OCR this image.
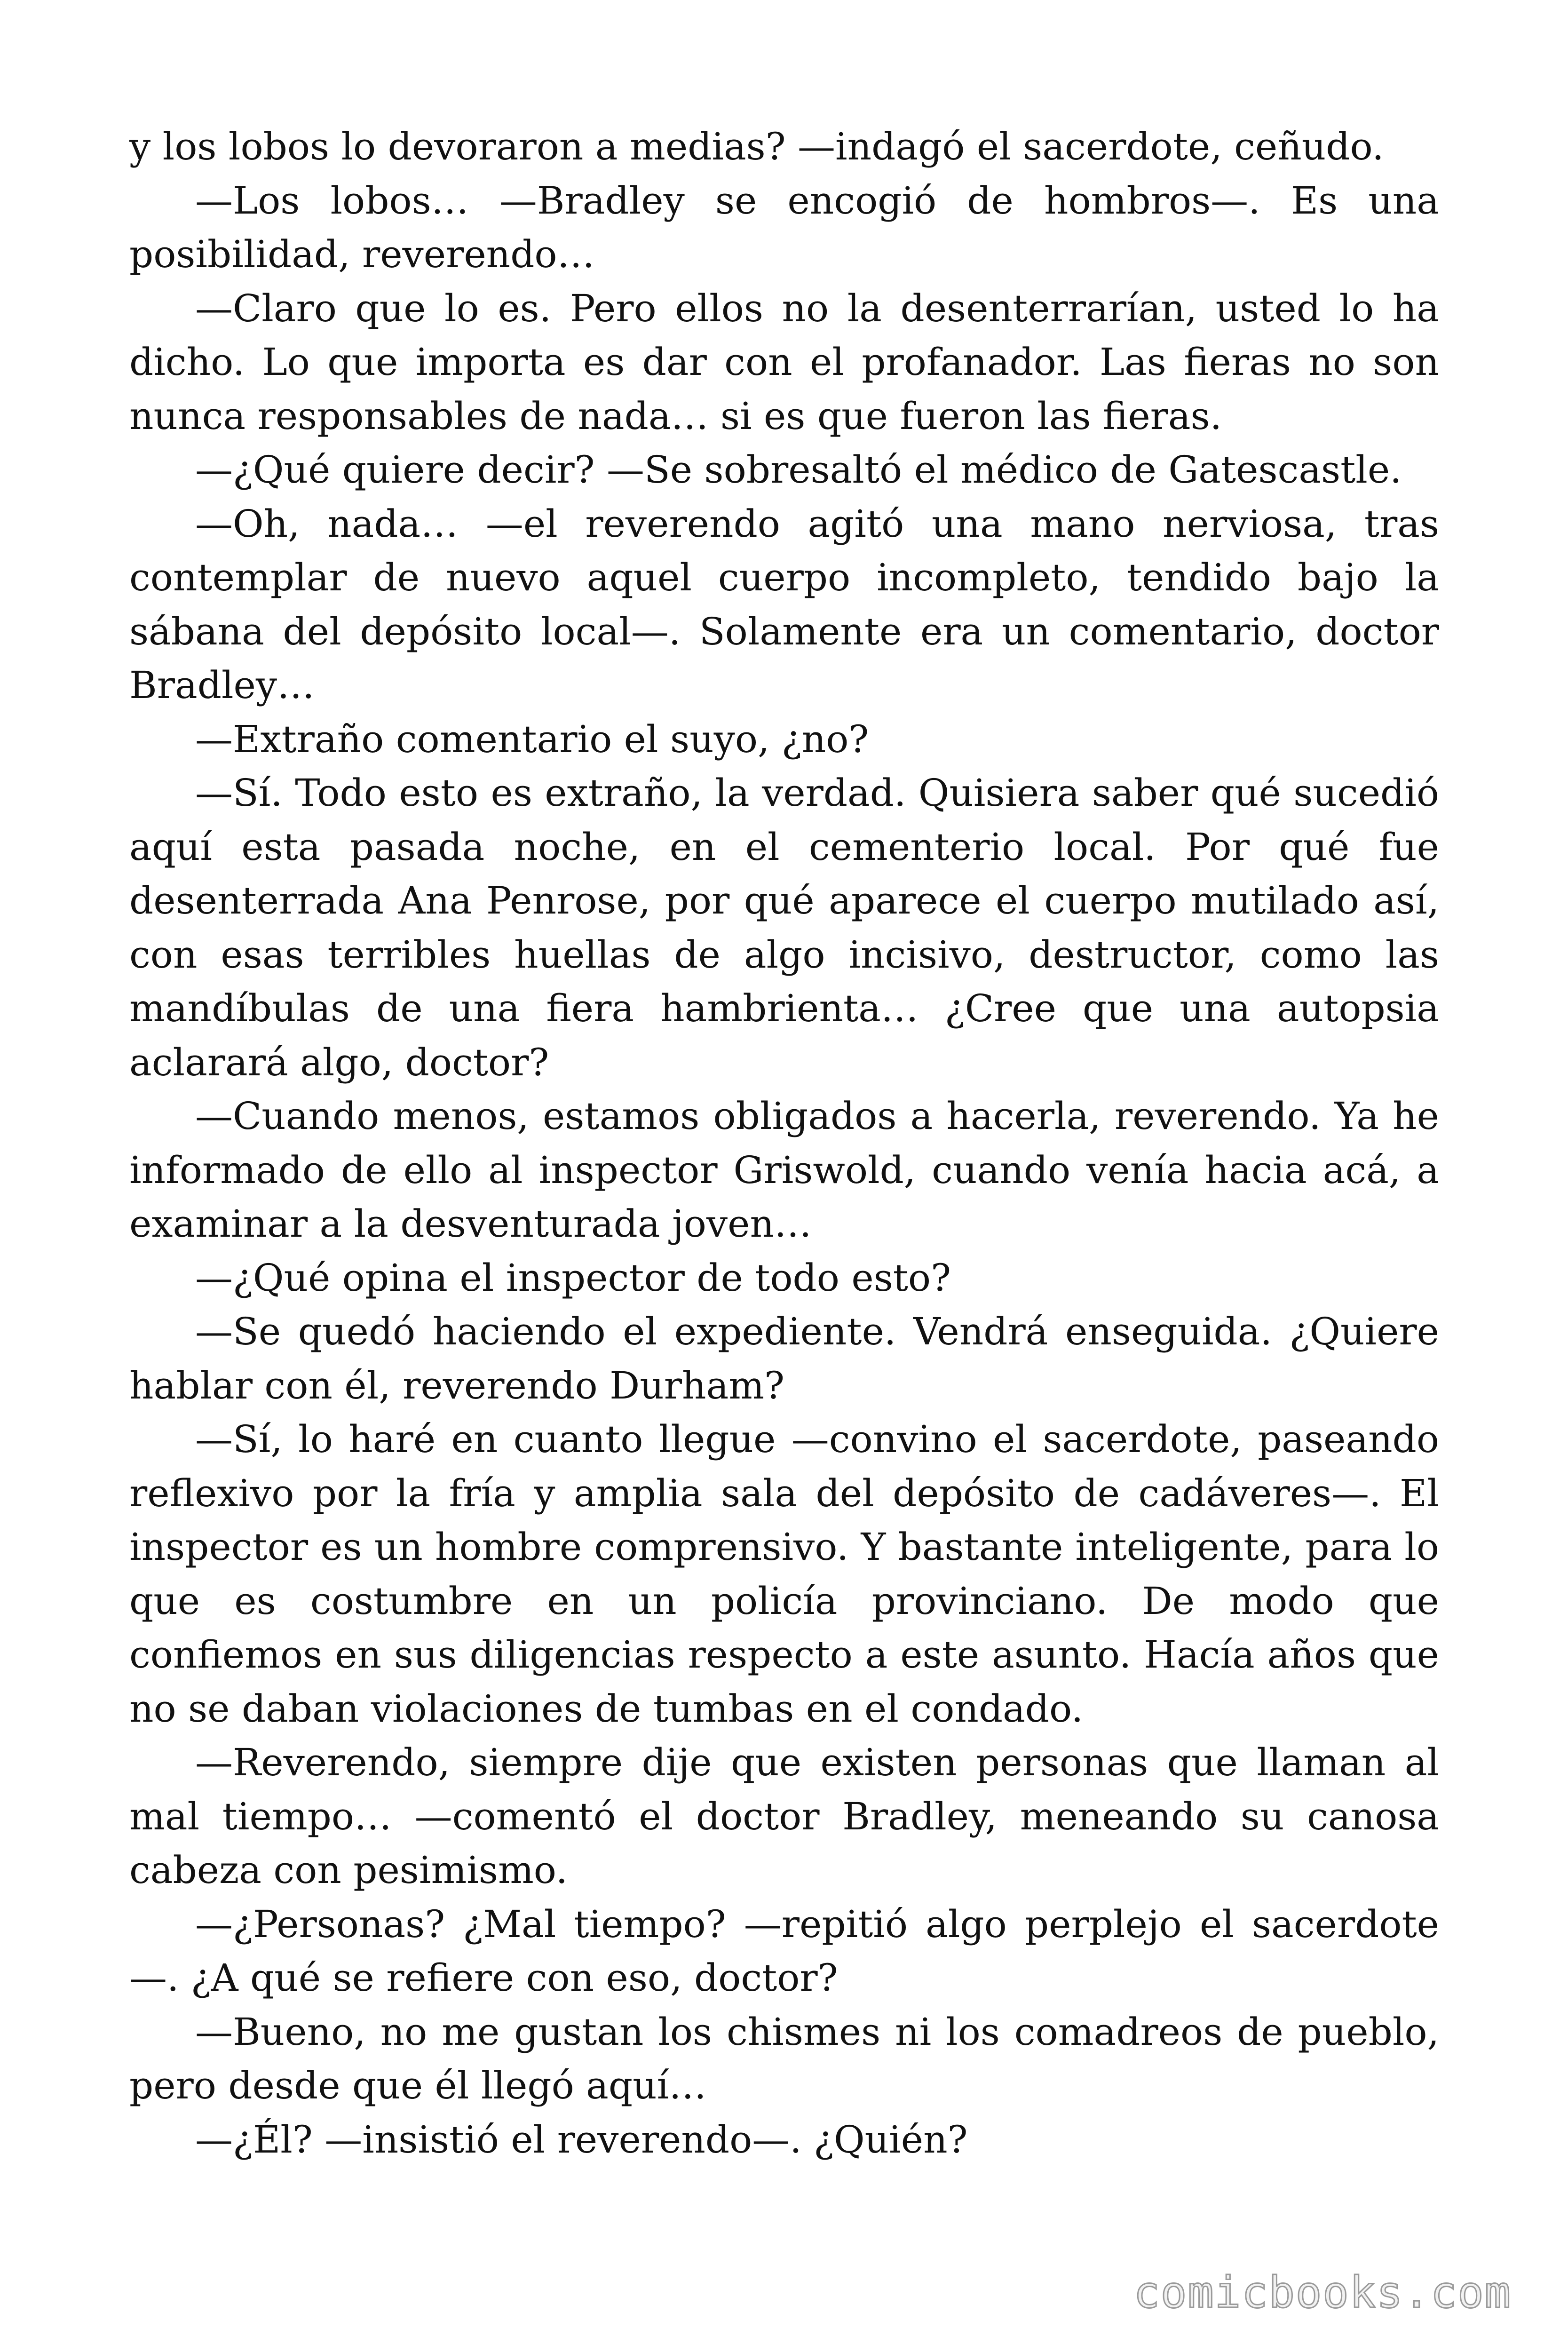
y los lobos lo devoraron a medias? —indagó el sacerdote, ceñudo.

—Los lobos… —Bradley se encogió de hombros—. Es una posibilidad, reverendo…

—Claro que lo es. Pero ellos no la desenterrarían, usted lo ha dicho. Lo que importa es dar con el profanador. Las fieras no son nunca responsables de nada… si es que fueron las fieras.

—¿Qué quiere decir? —Se sobresaltó el médico de Gatescastle.

—Oh, nada… —el reverendo agitó una mano nerviosa, tras contemplar de nuevo aquel cuerpo incompleto, tendido bajo la sábana del depósito local—. Solamente era un comentario, doctor Bradley…

—Extraño comentario el suyo, ¿no?

—Sí. Todo esto es extraño, la verdad. Quisiera saber qué sucedió aquí esta pasada noche, en el cementerio local. Por qué fue desenterrada Ana Penrose, por qué aparece el cuerpo mutilado así, con esas terribles huellas de algo incisivo, destructor, como las mandíbulas de una fiera hambrienta… ¿Cree que una autopsia aclarará algo, doctor?

—Cuando menos, estamos obligados a hacerla, reverendo. Ya he informado de ello al inspector Griswold, cuando venía hacia acá, a examinar a la desventurada joven…

—¿Qué opina el inspector de todo esto?

—Se quedó haciendo el expediente. Vendrá enseguida. ¿Quiere hablar con él, reverendo Durham?

—Sí, lo haré en cuanto llegue —convino el sacerdote, paseando reflexivo por la fría y amplia sala del depósito de cadáveres—. El inspector es un hombre comprensivo. Y bastante inteligente, para lo que es costumbre en un policía provinciano. De modo que confiemos en sus diligencias respecto a este asunto. Hacía años que no se daban violaciones de tumbas en el condado.

—Reverendo, siempre dije que existen personas que llaman al mal tiempo… —comentó el doctor Bradley, meneando su canosa cabeza con pesimismo.

—¿Personas? ¿Mal tiempo? —repitió algo perplejo el sacerdote —. ¿A qué se refiere con eso, doctor?

—Bueno, no me gustan los chismes ni los comadreos de pueblo, pero desde que él llegó aquí…

—¿Él? —insistió el reverendo—. ¿Quién?

comicbooks.com
